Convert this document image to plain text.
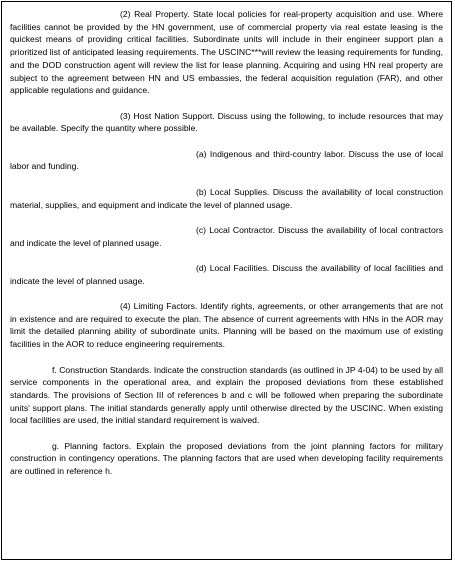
(2) Real Property. State local policies for real-property acquisition and use. Where facilities cannot be provided by the HN government, use of commercial property via real estate leasing is the quickest means of providing critical facilities. Subordinate units will include in their engineer support plan a prioritized list of anticipated leasing requirements. The USCINC***will review the leasing requirements for funding, and the DOD construction agent will review the list for lease planning. Acquiring and using HN real property are subject to the agreement between HN and US embassies, the federal acquisition regulation (FAR), and other applicable regulations and guidance.

(3) Host Nation Support. Discuss using the following, to include resources that may be available. Specify the quantity where possible.

(a) Indigenous and third-country labor. Discuss the use of local labor and funding.

(b) Local Supplies. Discuss the availability of local construction material, supplies, and equipment and indicate the level of planned usage.

(c) Local Contractor. Discuss the availability of local contractors and indicate the level of planned usage.

(d) Local Facilities. Discuss the availability of local facilities and indicate the level of planned usage.

(4) Limiting Factors. Identify rights, agreements, or other arrangements that are not in existence and are required to execute the plan. The absence of current agreements with HNs in the AOR may limit the detailed planning ability of subordinate units. Planning will be based on the maximum use of existing facilities in the AOR to reduce engineering requirements.

f. Construction Standards. Indicate the construction standards (as outlined in JP 4-04) to be used by all service components in the operational area, and explain the proposed deviations from these established standards. The provisions of Section III of references b and c will be followed when preparing the subordinate units' support plans. The initial standards generally apply until otherwise directed by the USCINC. When existing local facilities are used, the initial standard requirement is waived.

g. Planning factors. Explain the proposed deviations from the joint planning factors for military construction in contingency operations. The planning factors that are used when developing facility requirements are outlined in reference h.
